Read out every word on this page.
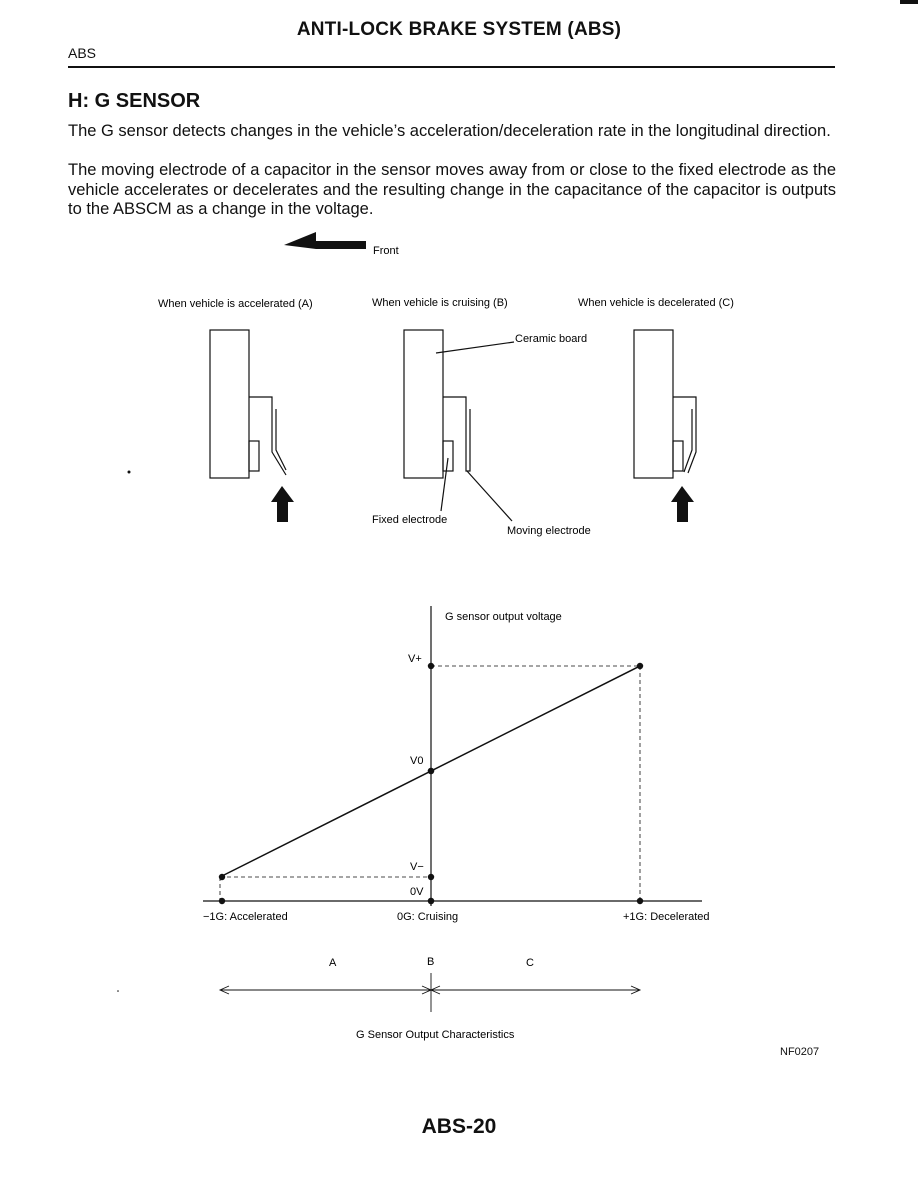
ANTI-LOCK BRAKE SYSTEM (ABS)
ABS
H: G SENSOR
The G sensor detects changes in the vehicle’s acceleration/deceleration rate in the longitudinal direction.
The moving electrode of a capacitor in the sensor moves away from or close to the fixed electrode as the vehicle accelerates or decelerates and the resulting change in the capacitance of the capacitor is outputs to the ABSCM as a change in the voltage.
Front
When vehicle is accelerated (A)	When vehicle is cruising (B)	When vehicle is decelerated (C)
Ceramic board
Fixed electrode
Moving electrode
G sensor output voltage
V+
V0
V−
0V
−1G: Accelerated	0G: Cruising	+1G: Decelerated
A	B	C
G Sensor Output Characteristics
NF0207
ABS-20
